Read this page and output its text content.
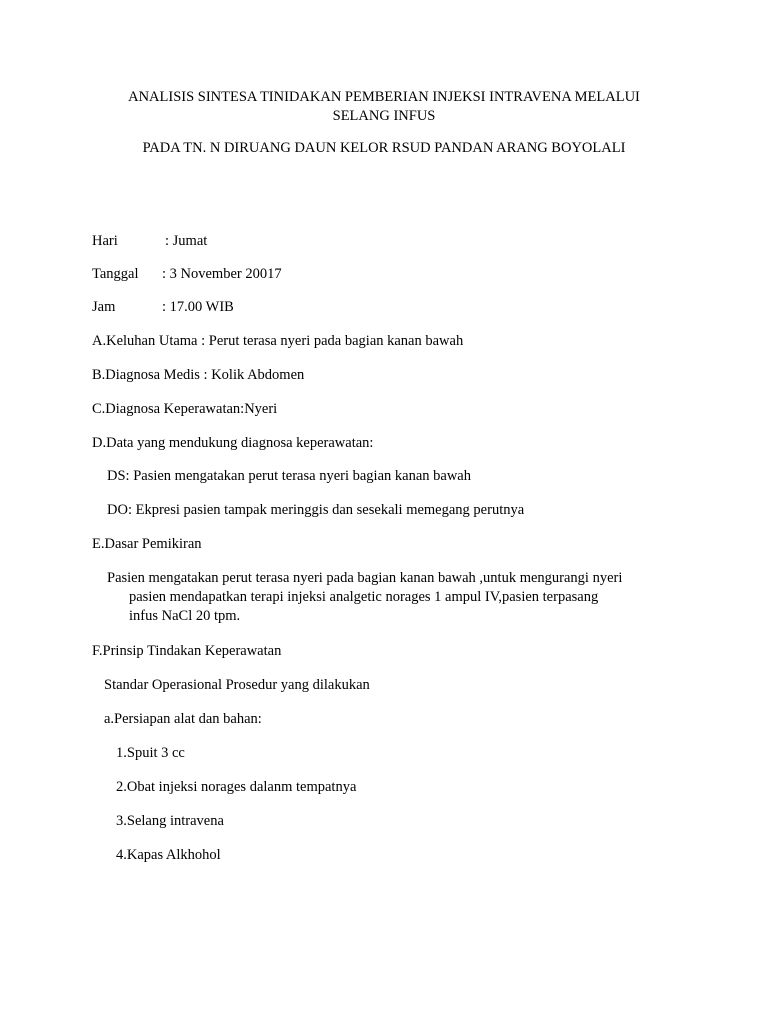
ANALISIS SINTESA TINIDAKAN PEMBERIAN INJEKSI INTRAVENA MELALUI
SELANG INFUS
PADA TN. N DIRUANG DAUN KELOR RSUD PANDAN ARANG BOYOLALI
Hari	: Jumat
Tanggal : 3 November 20017
Jam	: 17.00 WIB
A.Keluhan Utama : Perut terasa nyeri pada bagian kanan bawah
B.Diagnosa Medis : Kolik Abdomen
C.Diagnosa Keperawatan:Nyeri
D.Data yang mendukung diagnosa keperawatan:
DS: Pasien mengatakan perut terasa nyeri bagian kanan bawah
DO: Ekpresi pasien tampak meringgis dan sesekali memegang perutnya
E.Dasar Pemikiran
Pasien mengatakan perut terasa nyeri pada bagian kanan bawah ,untuk mengurangi nyeri
pasien mendapatkan terapi injeksi analgetic norages 1 ampul IV,pasien terpasang
infus NaCl 20 tpm.
F.Prinsip Tindakan Keperawatan
Standar Operasional Prosedur yang dilakukan
a.Persiapan alat dan bahan:
1.Spuit 3 cc
2.Obat injeksi norages dalanm tempatnya
3.Selang intravena
4.Kapas Alkhohol
